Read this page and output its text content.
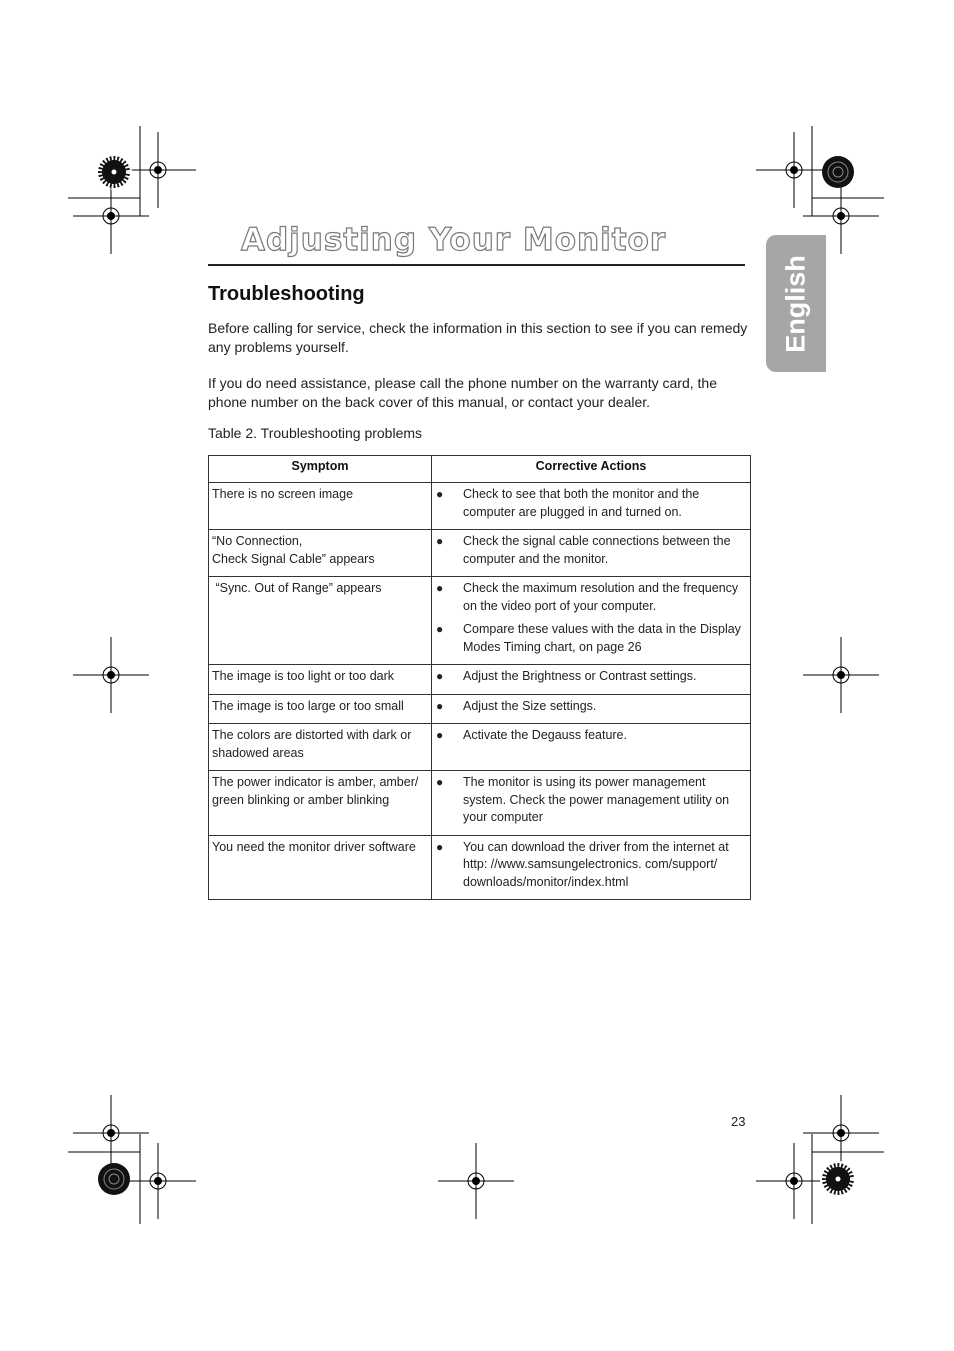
Adjusting Your Monitor
English
Troubleshooting

Before calling for service, check the information in this section to see if you can remedy any problems yourself.

If you do need assistance, please call the phone number on the warranty card, the phone number on the back cover of this manual, or contact your dealer.

Table 2. Troubleshooting problems

Symptom	Corrective Actions
There is no screen image	● Check to see that both the monitor and the computer are plugged in and turned on.

“No Connection,
Check Signal Cable” appears	● Check the signal cable connections between the computer and the monitor.

“Sync. Out of Range” appears	● Check the maximum resolution and the frequency on the video port of your computer.
● Compare these values with the data in the Display Modes Timing chart, on page 26

The image is too light or too dark	● Adjust the Brightness or Contrast settings.

The image is too large or too small	● Adjust the Size settings.

The colors are distorted with dark or shadowed areas	● Activate the Degauss feature.

The power indicator is amber, amber/ green blinking or amber blinking	● The monitor is using its power management system. Check the power management utility on your computer

You need the monitor driver software	● You can download the driver from the internet at http: //www.samsungelectronics. com/support/ downloads/monitor/index.html

23
